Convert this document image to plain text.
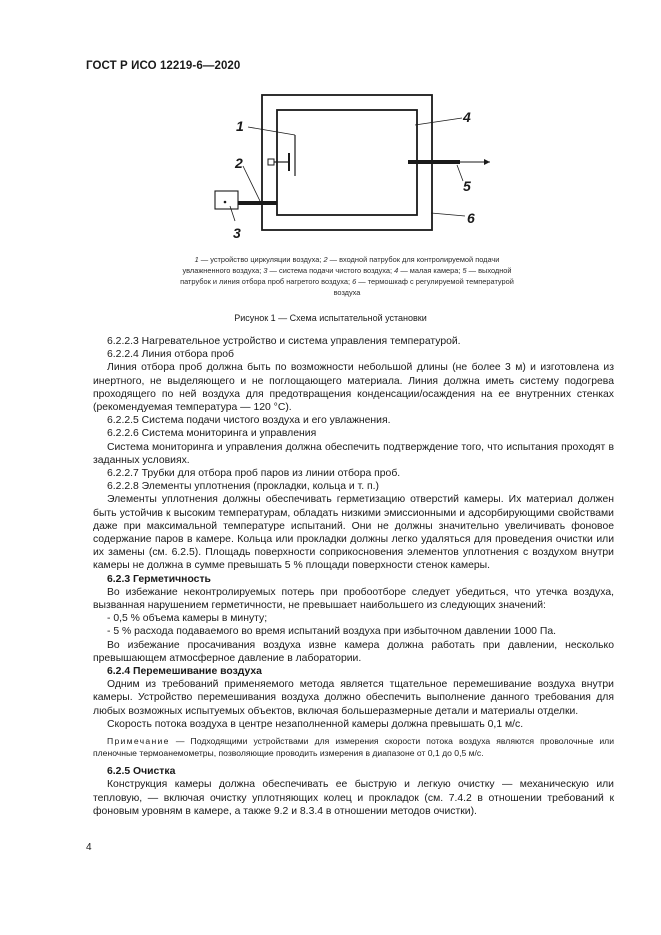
ГОСТ Р ИСО 12219-6—2020
1
2
3
4
5
6
1 — устройство циркуляции воздуха; 2 — входной патрубок для контролируемой подачи увлажненного воздуха; 3 — система подачи чистого воздуха; 4 — малая камера; 5 — выходной патрубок и линия отбора проб нагретого воздуха; 6 — термошкаф с регулируемой температурой воздуха
Рисунок 1 — Схема испытательной установки

6.2.2.3 Нагревательное устройство и система управления температурой.

6.2.2.4 Линия отбора проб

Линия отбора проб должна быть по возможности небольшой длины (не более 3 м) и изготовлена из инертного, не выделяющего и не поглощающего материала. Линия должна иметь систему подогрева проходящего по ней воздуха для предотвращения конденсации/осаждения на ее внутренних стенках (рекомендуемая температура — 120 °С).

6.2.2.5 Система подачи чистого воздуха и его увлажнения.

6.2.2.6 Система мониторинга и управления

Система мониторинга и управления должна обеспечить подтверждение того, что испытания проходят в заданных условиях.

6.2.2.7 Трубки для отбора проб паров из линии отбора проб.

6.2.2.8 Элементы уплотнения (прокладки, кольца и т. п.)

Элементы уплотнения должны обеспечивать герметизацию отверстий камеры. Их материал должен быть устойчив к высоким температурам, обладать низкими эмиссионными и адсорбирующими свойствами даже при максимальной температуре испытаний. Они не должны значительно увеличивать фоновое содержание паров в камере. Кольца или прокладки должны легко удаляться для проведения очистки или их замены (см. 6.2.5). Площадь поверхности соприкосновения элементов уплотнения с воздухом внутри камеры не должна в сумме превышать 5 % площади поверхности стенок камеры.

6.2.3 Герметичность

Во избежание неконтролируемых потерь при пробоотборе следует убедиться, что утечка воздуха, вызванная нарушением герметичности, не превышает наибольшего из следующих значений:

- 0,5 % объема камеры в минуту;

- 5 % расхода подаваемого во время испытаний воздуха при избыточном давлении 1000 Па.

Во избежание просачивания воздуха извне камера должна работать при давлении, несколько превышающем атмосферное давление в лаборатории.

6.2.4 Перемешивание воздуха

Одним из требований применяемого метода является тщательное перемешивание воздуха внутри камеры. Устройство перемешивания воздуха должно обеспечить выполнение данного требования для любых возможных испытуемых объектов, включая большеразмерные детали и материалы отделки.

Скорость потока воздуха в центре незаполненной камеры должна превышать 0,1 м/с.

Примечание — Подходящими устройствами для измерения скорости потока воздуха являются проволочные или пленочные термоанемометры, позволяющие проводить измерения в диапазоне от 0,1 до 0,5 м/с.

6.2.5 Очистка

Конструкция камеры должна обеспечивать ее быструю и легкую очистку — механическую или тепловую, — включая очистку уплотняющих колец и прокладок (см. 7.4.2 в отношении требований к фоновым уровням в камере, а также 9.2 и 8.3.4 в отношении методов очистки).

4
